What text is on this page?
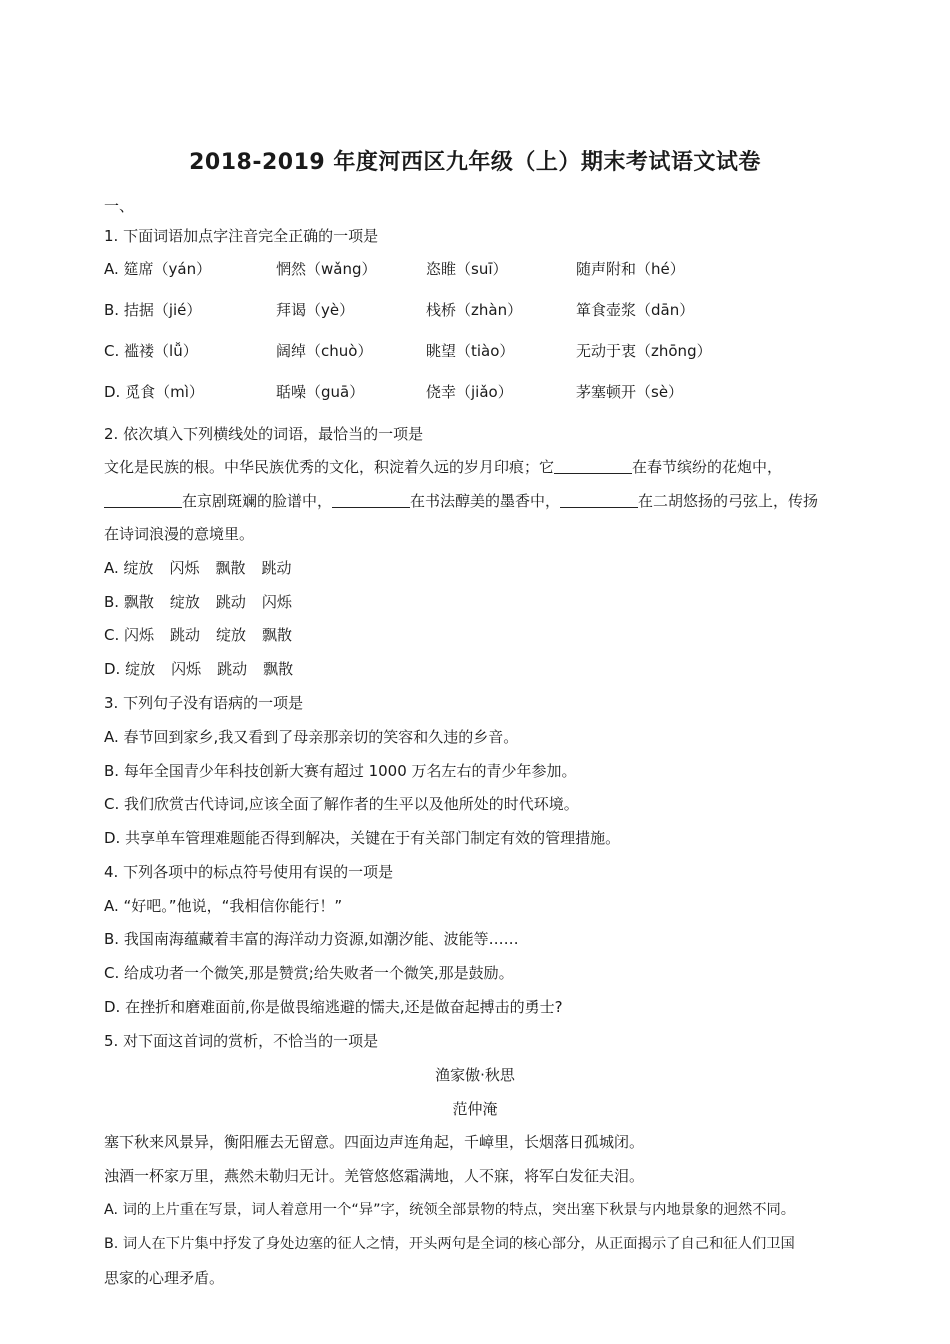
2018-2019 年度河西区九年级（上）期末考试语文试卷
一、
1. 下面词语加点字注音完全正确的一项是
A. 筵席（yán）	惘然（wǎng）	恣睢（suī）	随声附和（hé）
B. 拮据（jié）	拜谒（yè）	栈桥（zhàn）	箪食壶浆（dān）
C. 褴褛（lǚ）	阔绰（chuò）	眺望（tiào）	无动于衷（zhōng）
D. 觅食（mì）	聒噪（guā）	侥幸（jiǎo）	茅塞顿开（sè）
2. 依次填入下列横线处的词语，最恰当的一项是
文化是民族的根。中华民族优秀的文化，积淀着久远的岁月印痕；它	在春节缤纷的花炮中，
在京剧斑斓的脸谱中，	在书法醇美的墨香中，	在二胡悠扬的弓弦上，传扬
在诗词浪漫的意境里。
A. 绽放 闪烁 飘散 跳动
B. 飘散 绽放 跳动 闪烁
C. 闪烁 跳动 绽放 飘散
D. 绽放 闪烁 跳动 飘散
3. 下列句子没有语病的一项是
A. 春节回到家乡,我又看到了母亲那亲切的笑容和久违的乡音。
B. 每年全国青少年科技创新大赛有超过 1000 万名左右的青少年参加。
C. 我们欣赏古代诗词,应该全面了解作者的生平以及他所处的时代环境。
D. 共享单车管理难题能否得到解决，关键在于有关部门制定有效的管理措施。
4. 下列各项中的标点符号使用有误的一项是
A. “好吧。”他说，“我相信你能行！”
B. 我国南海蕴藏着丰富的海洋动力资源,如潮汐能、波能等……
C. 给成功者一个微笑,那是赞赏;给失败者一个微笑,那是鼓励。
D. 在挫折和磨难面前,你是做畏缩逃避的懦夫,还是做奋起搏击的勇士?
5. 对下面这首词的赏析，不恰当的一项是
渔家傲·秋思
范仲淹
塞下秋来风景异，衡阳雁去无留意。四面边声连角起，千嶂里，长烟落日孤城闭。
浊酒一杯家万里，燕然未勒归无计。羌管悠悠霜满地，人不寐，将军白发征夫泪。
A. 词的上片重在写景，词人着意用一个“异”字，统领全部景物的特点，突出塞下秋景与内地景象的迥然不同。
B. 词人在下片集中抒发了身处边塞的征人之情，开头两句是全词的核心部分，从正面揭示了自己和征人们卫国
思家的心理矛盾。
